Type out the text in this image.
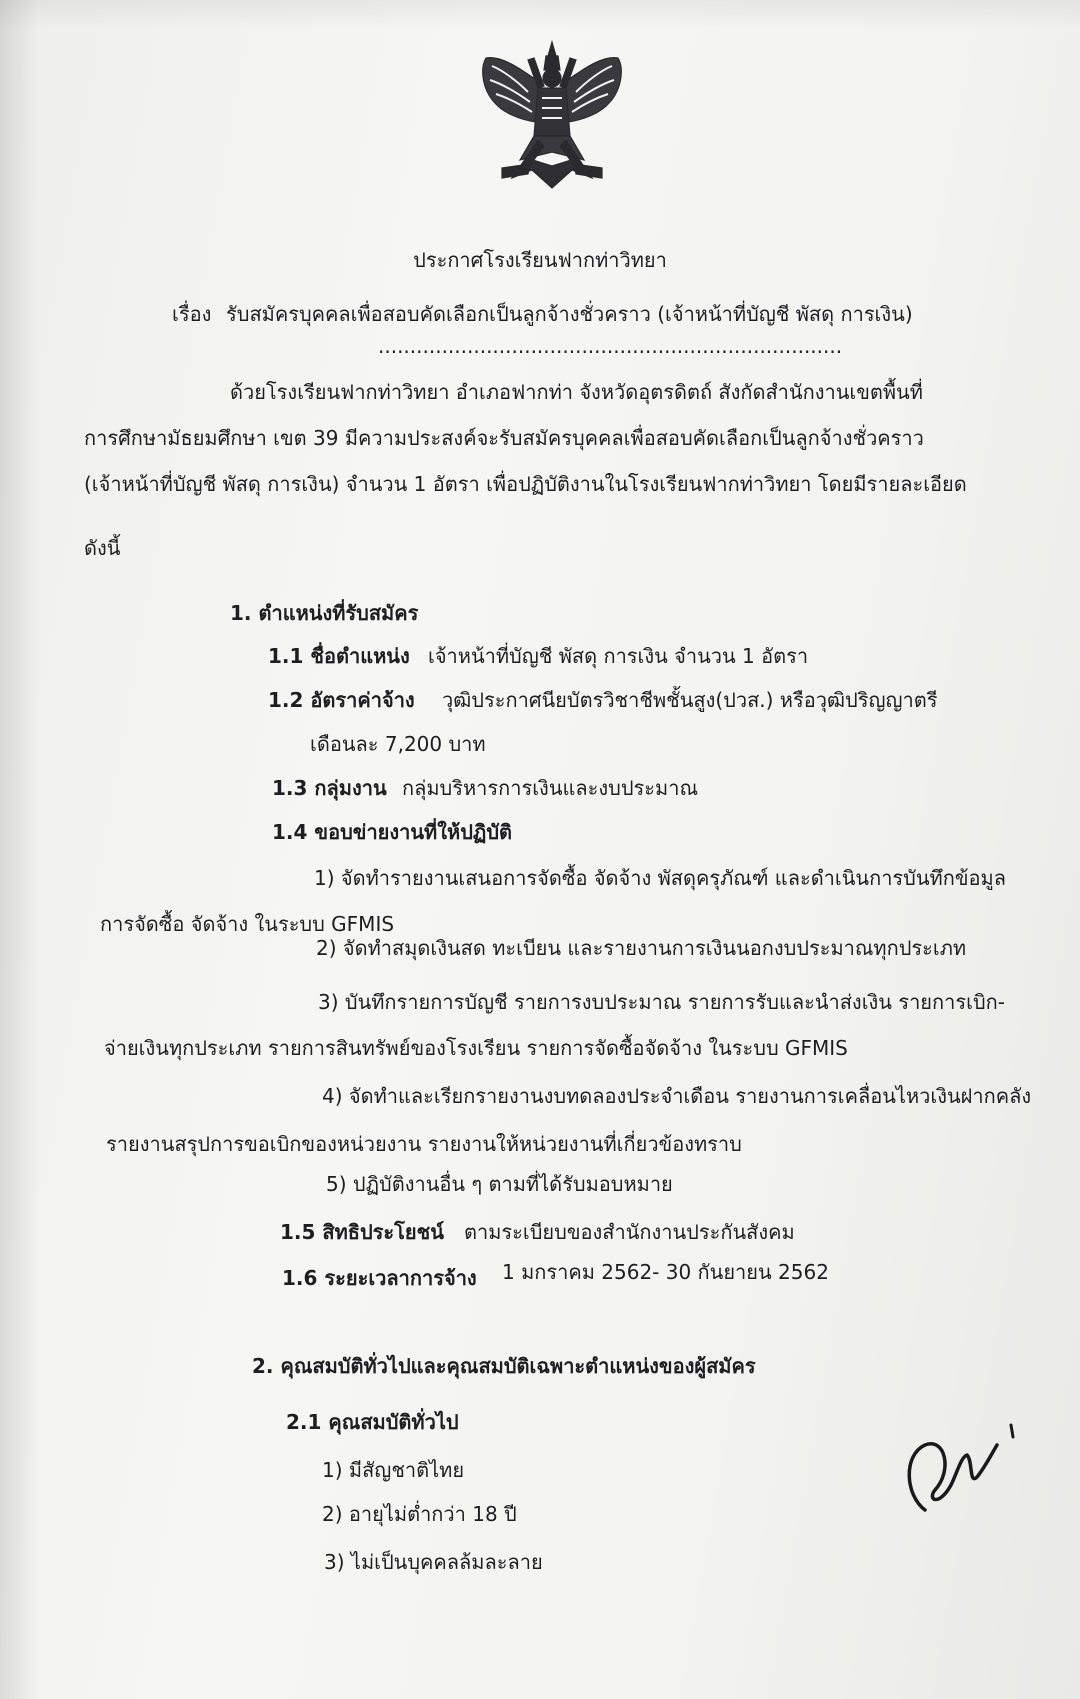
ประกาศโรงเรียนฟากท่าวิทยา
เรื่อง รับสมัครบุคคลเพื่อสอบคัดเลือกเป็นลูกจ้างชั่วคราว (เจ้าหน้าที่บัญชี พัสดุ การเงิน)
.........................................................................
ด้วยโรงเรียนฟากท่าวิทยา อำเภอฟากท่า จังหวัดอุตรดิตถ์ สังกัดสำนักงานเขตพื้นที่
การศึกษามัธยมศึกษา เขต 39 มีความประสงค์จะรับสมัครบุคคลเพื่อสอบคัดเลือกเป็นลูกจ้างชั่วคราว
(เจ้าหน้าที่บัญชี พัสดุ การเงิน) จำนวน 1 อัตรา เพื่อปฏิบัติงานในโรงเรียนฟากท่าวิทยา โดยมีรายละเอียด
ดังนี้
1. ตำแหน่งที่รับสมัคร
1.1 ชื่อตำแหน่ง เจ้าหน้าที่บัญชี พัสดุ การเงิน จำนวน 1 อัตรา
1.2 อัตราค่าจ้าง วุฒิประกาศนียบัตรวิชาชีพชั้นสูง(ปวส.) หรือวุฒิปริญญาตรี
เดือนละ 7,200 บาท
1.3 กลุ่มงาน กลุ่มบริหารการเงินและงบประมาณ
1.4 ขอบข่ายงานที่ให้ปฏิบัติ
1) จัดทำรายงานเสนอการจัดซื้อ จัดจ้าง พัสดุครุภัณฑ์ และดำเนินการบันทึกข้อมูล
การจัดซื้อ จัดจ้าง ในระบบ GFMIS
2) จัดทำสมุดเงินสด ทะเบียน และรายงานการเงินนอกงบประมาณทุกประเภท
3) บันทึกรายการบัญชี รายการงบประมาณ รายการรับและนำส่งเงิน รายการเบิก-
จ่ายเงินทุกประเภท รายการสินทรัพย์ของโรงเรียน รายการจัดซื้อจัดจ้าง ในระบบ GFMIS
4) จัดทำและเรียกรายงานงบทดลองประจำเดือน รายงานการเคลื่อนไหวเงินฝากคลัง
รายงานสรุปการขอเบิกของหน่วยงาน รายงานให้หน่วยงานที่เกี่ยวข้องทราบ
5) ปฏิบัติงานอื่น ๆ ตามที่ได้รับมอบหมาย
1.5 สิทธิประโยชน์ ตามระเบียบของสำนักงานประกันสังคม
1.6 ระยะเวลาการจ้าง 1 มกราคม 2562- 30 กันยายน 2562
2. คุณสมบัติทั่วไปและคุณสมบัติเฉพาะตำแหน่งของผู้สมัคร
2.1 คุณสมบัติทั่วไป
1) มีสัญชาติไทย
2) อายุไม่ต่ำกว่า 18 ปี
3) ไม่เป็นบุคคลล้มละลาย
